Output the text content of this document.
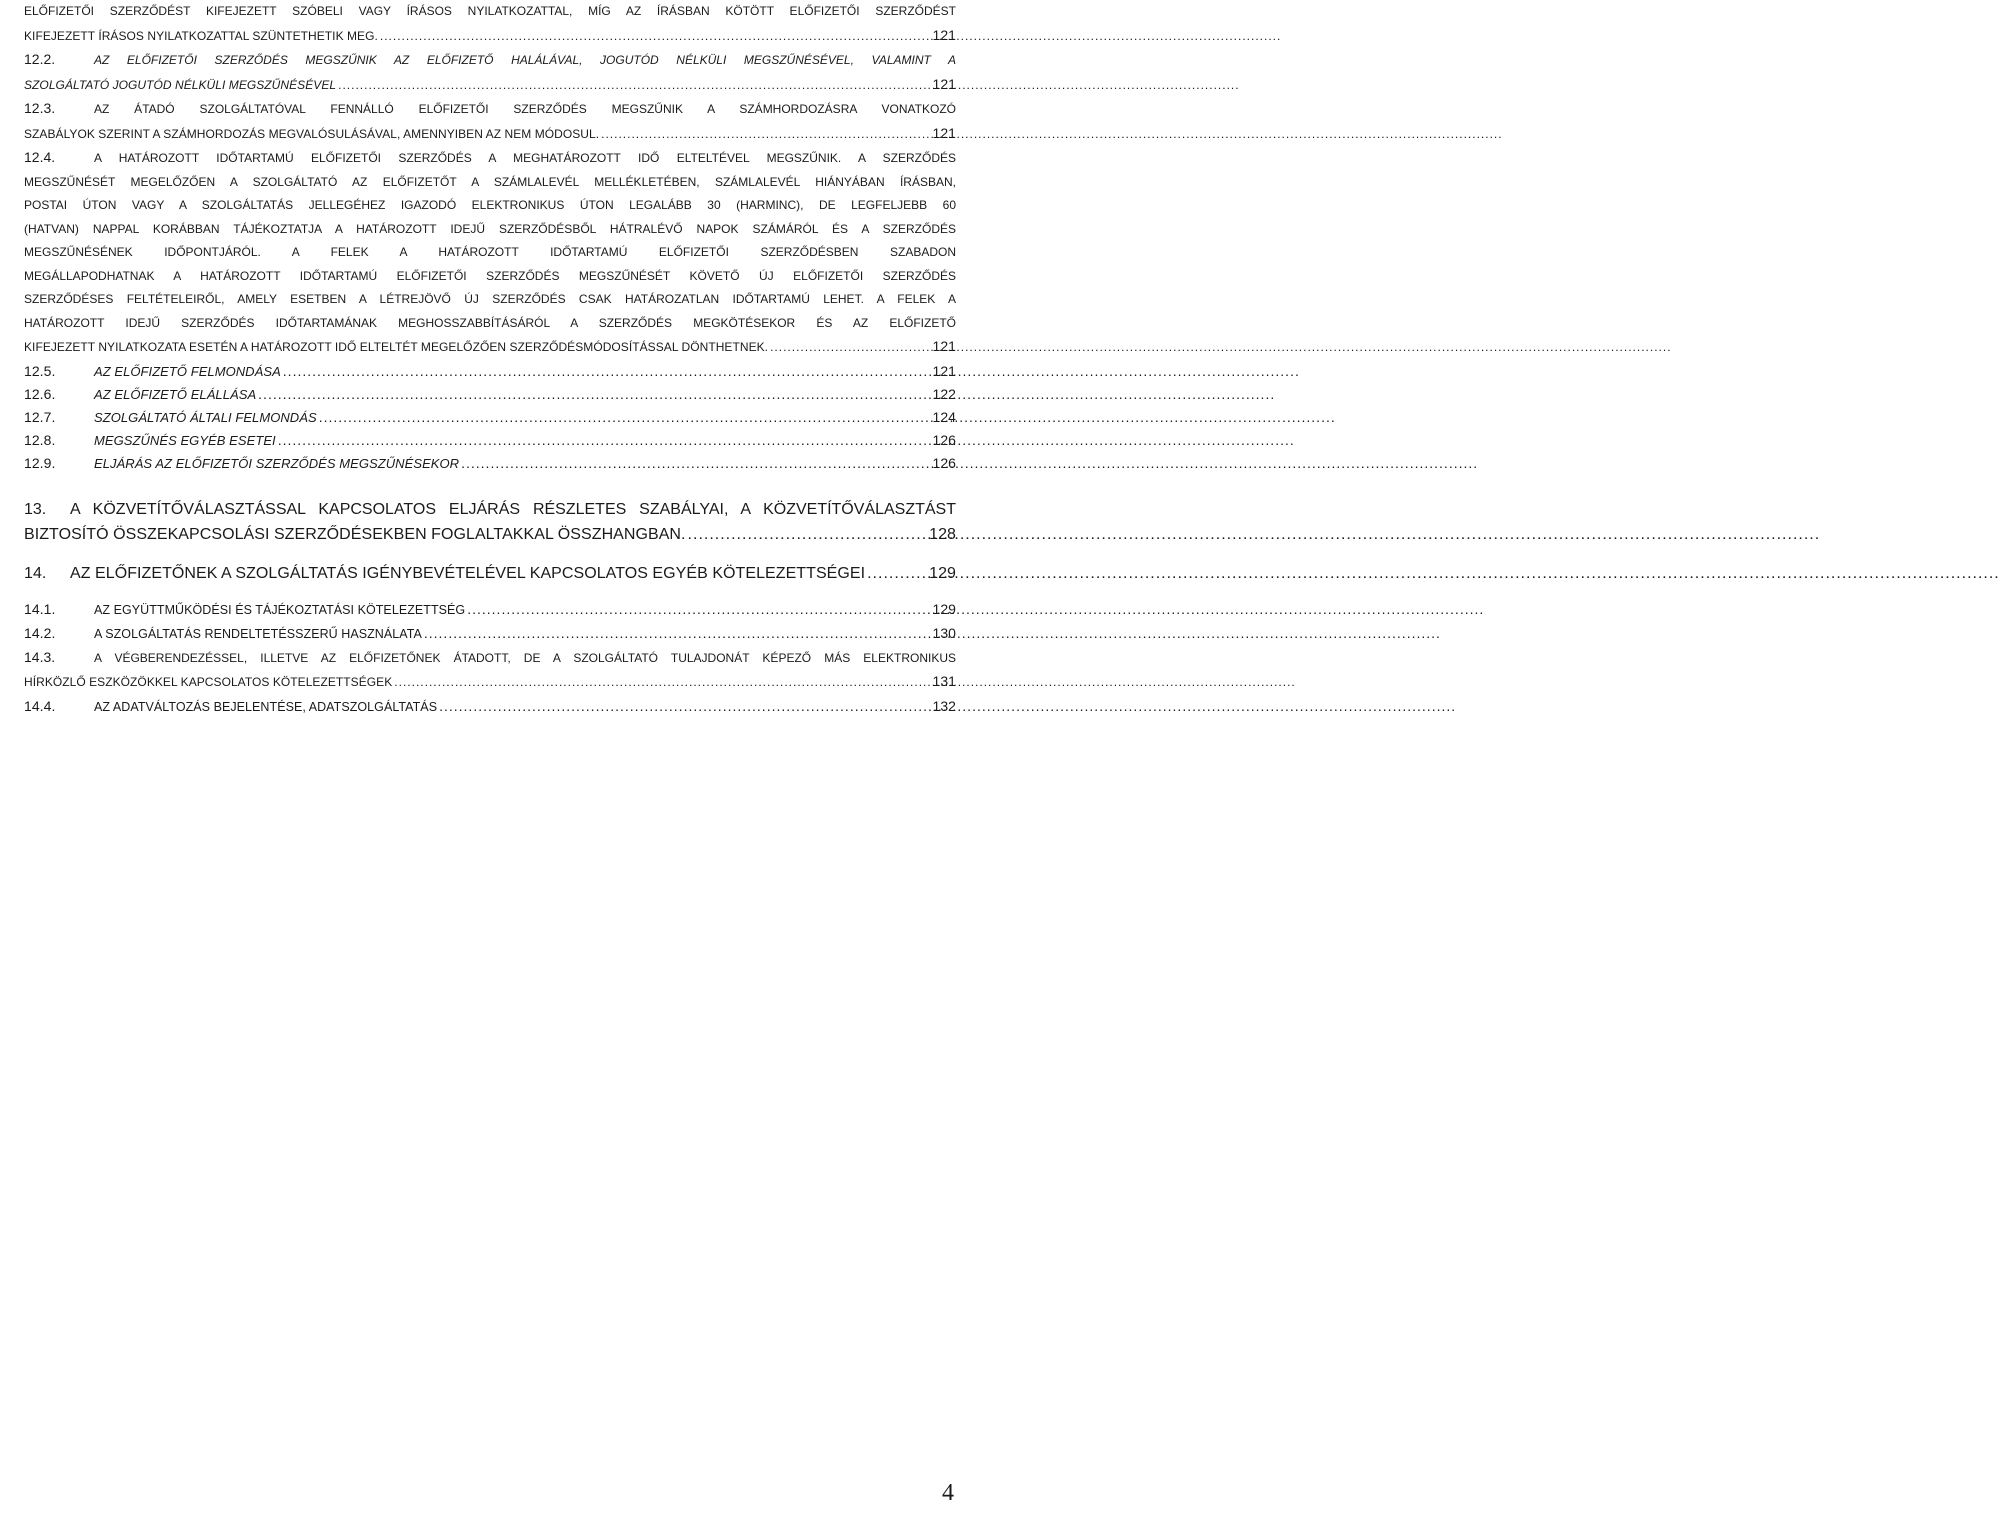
ELŐFIZETŐI SZERZŐDÉST KIFEJEZETT SZÓBELI VAGY ÍRÁSOS NYILATKOZATTAL, MÍG AZ ÍRÁSBAN KÖTÖTT ELŐFIZETŐI SZERZŐDÉST
KIFEJEZETT ÍRÁSOS NYILATKOZATTAL SZÜNTETHETIK MEG. .....	121
12.2.	AZ ELŐFIZETŐI SZERZŐDÉS MEGSZŰNIK AZ ELŐFIZETŐ HALÁLÁVAL, JOGUTÓD NÉLKÜLI MEGSZŰNÉSÉVEL, VALAMINT A
SZOLGÁLTATÓ JOGUTÓD NÉLKÜLI MEGSZŰNÉSÉVEL .....	121
12.3.	AZ ÁTADÓ SZOLGÁLTATÓVAL FENNÁLLÓ ELŐFIZETŐI SZERZŐDÉS MEGSZŰNIK A SZÁMHORDOZÁSRA VONATKOZÓ
SZABÁLYOK SZERINT A SZÁMHORDOZÁS MEGVALÓSULÁSÁVAL, AMENNYIBEN AZ NEM MÓDOSUL. .....	121
12.4.	A HATÁROZOTT IDŐTARTAMÚ ELŐFIZETŐI SZERZŐDÉS A MEGHATÁROZOTT IDŐ ELTELTÉVEL MEGSZŰNIK. A SZERZŐDÉS
MEGSZŰNÉSÉT MEGELŐZŐEN A SZOLGÁLTATÓ AZ ELŐFIZETŐT A SZÁMLALEVÉL MELLÉKLETÉBEN, SZÁMLALEVÉL HIÁNYÁBAN ÍRÁSBAN,
POSTAI ÚTON VAGY A SZOLGÁLTATÁS JELLEGÉHEZ IGAZODÓ ELEKTRONIKUS ÚTON LEGALÁBB 30 (HARMINC), DE LEGFELJEBB 60
(HATVAN) NAPPAL KORÁBBAN TÁJÉKOZTATJA A HATÁROZOTT IDEJŰ SZERZŐDÉSBŐL HÁTRALÉVŐ NAPOK SZÁMÁRÓL ÉS A SZERZŐDÉS
MEGSZŰNÉSÉNEK IDŐPONTJÁRÓL. A FELEK A HATÁROZOTT IDŐTARTAMÚ ELŐFIZETŐI SZERZŐDÉSBEN SZABADON
MEGÁLLAPODHATNAK A HATÁROZOTT IDŐTARTAMÚ ELŐFIZETŐI SZERZŐDÉS MEGSZŰNÉSÉT KÖVETŐ ÚJ ELŐFIZETŐI SZERZŐDÉS
SZERZŐDÉSES FELTÉTELEIRŐL, AMELY ESETBEN A LÉTREJÖVŐ ÚJ SZERZŐDÉS CSAK HATÁROZATLAN IDŐTARTAMÚ LEHET. A FELEK A
HATÁROZOTT IDEJŰ SZERZŐDÉS IDŐTARTAMÁNAK MEGHOSSZABBÍTÁSÁRÓL A SZERZŐDÉS MEGKÖTÉSEKOR ÉS AZ ELŐFIZETŐ
KIFEJEZETT NYILATKOZATA ESETÉN A HATÁROZOTT IDŐ ELTELTÉT MEGELŐZŐEN SZERZŐDÉSMÓDOSÍTÁSSAL DÖNTHETNEK. .....	121
12.5.	AZ ELŐFIZETŐ FELMONDÁSA .....	121
12.6.	AZ ELŐFIZETŐ ELÁLLÁSA .....	122
12.7.	SZOLGÁLTATÓ ÁLTALI FELMONDÁS .....	124
12.8.	MEGSZŰNÉS EGYÉB ESETEI .....	126
12.9.	ELJÁRÁS AZ ELŐFIZETŐI SZERZŐDÉS MEGSZŰNÉSEKOR .....	126
13. A KÖZVETÍTŐVÁLASZTÁSSAL KAPCSOLATOS ELJÁRÁS RÉSZLETES SZABÁLYAI, A KÖZVETÍTŐVÁLASZTÁST
BIZTOSÍTÓ ÖSSZEKAPCSOLÁSI SZERZŐDÉSEKBEN FOGLALTAKKAL ÖSSZHANGBAN. .....	128
14.	AZ ELŐFIZETŐNEK A SZOLGÁLTATÁS IGÉNYBEVÉTELÉVEL KAPCSOLATOS EGYÉB KÖTELEZETTSÉGEI .....	129
14.1.	AZ EGYÜTTMŰKÖDÉSI ÉS TÁJÉKOZTATÁSI KÖTELEZETTSÉG .....	129
14.2.	A SZOLGÁLTATÁS RENDELTETÉSSZERŰ HASZNÁLATA .....	130
14.3.	A VÉGBERENDEZÉSSEL, ILLETVE AZ ELŐFIZETŐNEK ÁTADOTT, DE A SZOLGÁLTATÓ TULAJDONÁT KÉPEZŐ MÁS ELEKTRONIKUS
HÍRKÖZLŐ ESZKÖZÖKKEL KAPCSOLATOS KÖTELEZETTSÉGEK .....	131
14.4.	AZ ADATVÁLTOZÁS BEJELENTÉSE, ADATSZOLGÁLTATÁS .....	132
4
